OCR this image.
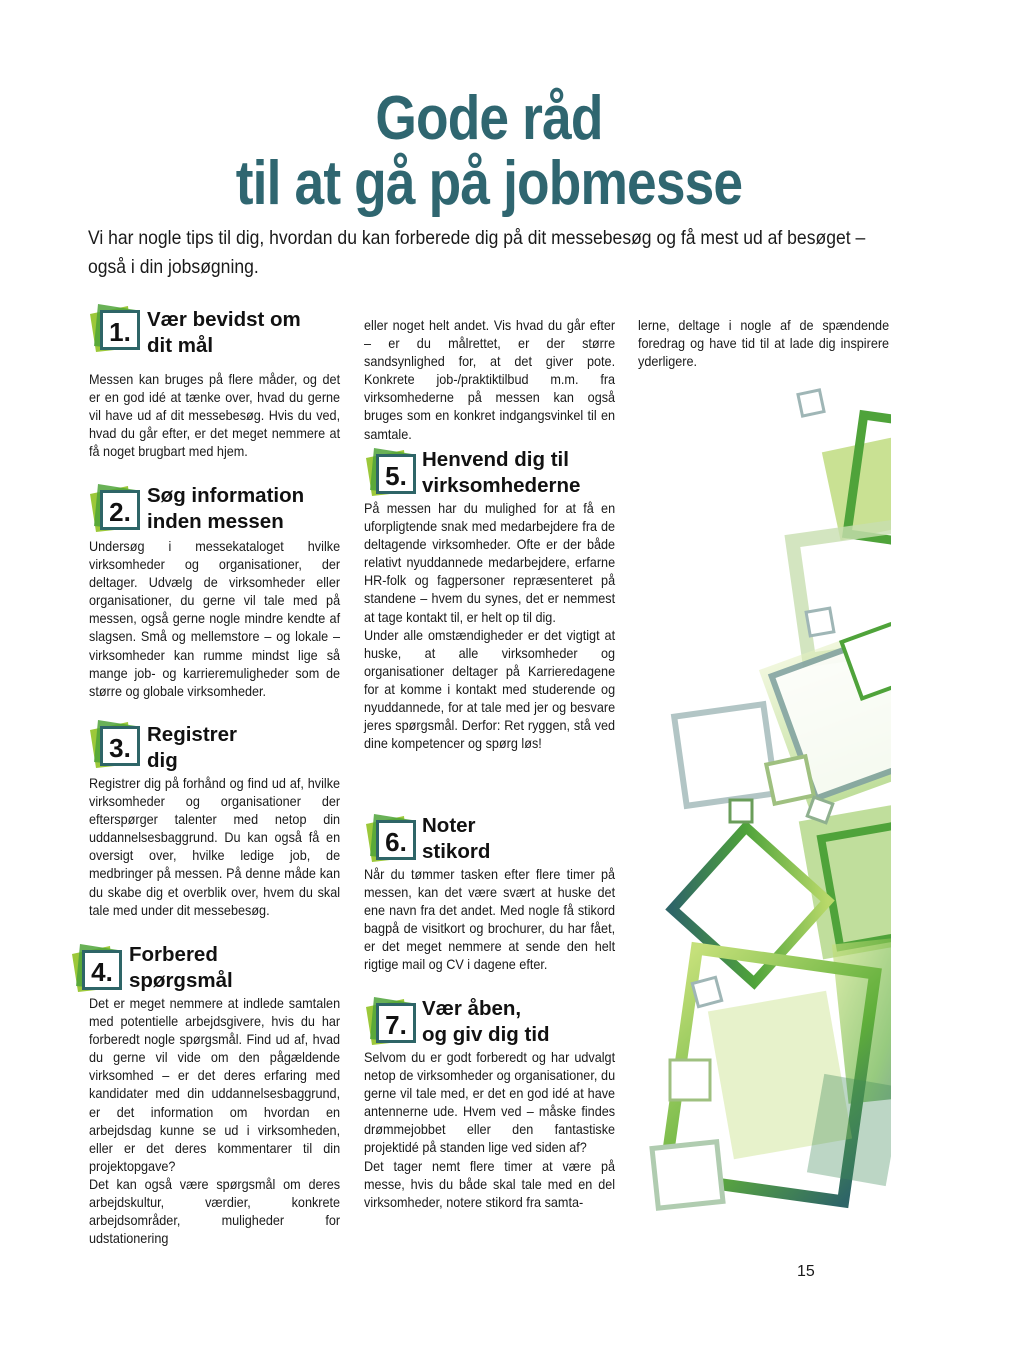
Gode råd
til at gå på jobmesse
Vi har nogle tips til dig, hvordan du kan forberede dig på dit messebesøg og få mest ud af besøget – også i din jobsøgning.
1. Vær bevidst om
dit mål

Messen kan bruges på flere måder, og det er en god idé at tænke over, hvad du gerne vil have ud af dit messebesøg. Hvis du ved, hvad du går efter, er det meget nemmere at få noget brugbart med hjem.

2.
Søg information
inden messen

Undersøg i messekataloget hvilke virksomheder og organisationer, der deltager. Udvælg de virksomheder eller organisationer, du gerne vil tale med på messen, også gerne nogle mindre kendte af slagsen. Små og mellemstore – og lokale – virksomheder kan rumme mindst lige så mange job- og karrieremuligheder som de større og globale virksomheder.

3. Registrer
dig

Registrer dig på forhånd og find ud af, hvilke virksomheder og organisationer der efterspørger talenter med netop din uddannelsesbaggrund. Du kan også få en oversigt over, hvilke ledige job, de medbringer på messen. På denne måde kan du skabe dig et overblik over, hvem du skal tale med under dit messebesøg.

4.
Forbered
spørgsmål

Det er meget nemmere at indlede samtalen med potentielle arbejdsgivere, hvis du har forberedt nogle spørgsmål. Find ud af, hvad du gerne vil vide om den pågældende virksomhed – er det deres erfaring med kandidater med din uddannelsesbaggrund, er det information om hvordan en arbejdsdag kunne se ud i virksomheden, eller er det deres kommentarer til din projektopgave?

Det kan også være spørgsmål om deres arbejdskultur, værdier, konkrete arbejdsområder, muligheder for udstationering

eller noget helt andet. Vis hvad du går efter – er du målrettet, er der større sandsynlighed for, at det giver pote. Konkrete job-/praktiktilbud m.m. fra virksomhederne på messen kan også bruges som en konkret indgangsvinkel til en samtale.

5.
Henvend dig til
virksomhederne

På messen har du mulighed for at få en uforpligtende snak med medarbejdere fra de deltagende virksomheder. Ofte er der både relativt nyuddannede medarbejdere, erfarne HR-folk og fagpersoner repræsenteret på standene – hvem du synes, det er nemmest at tage kontakt til, er helt op til dig.

Under alle omstændigheder er det vigtigt at huske, at alle virksomheder og organisationer deltager på Karrieredagene for at komme i kontakt med studerende og nyuddannede, for at tale med jer og besvare jeres spørgsmål. Derfor: Ret ryggen, stå ved dine kompetencer og spørg løs!

6.
Noter
stikord

Når du tømmer tasken efter flere timer på messen, kan det være svært at huske det ene navn fra det andet. Med nogle få stikord bagpå de visitkort og brochurer, du har fået, er det meget nemmere at sende den helt rigtige mail og CV i dagene efter.

7.
Vær åben,
og giv dig tid

Selvom du er godt forberedt og har udvalgt netop de virksomheder og organisationer, du gerne vil tale med, er det en god idé at have antennerne ude. Hvem ved – måske findes drømmejobbet eller den fantastiske projektidé på standen lige ved siden af?

Det tager nemt flere timer at være på messe, hvis du både skal tale med en del virksomheder, notere stikord fra samta-

lerne, deltage i nogle af de spændende foredrag og have tid til at lade dig inspirere yderligere.

15
